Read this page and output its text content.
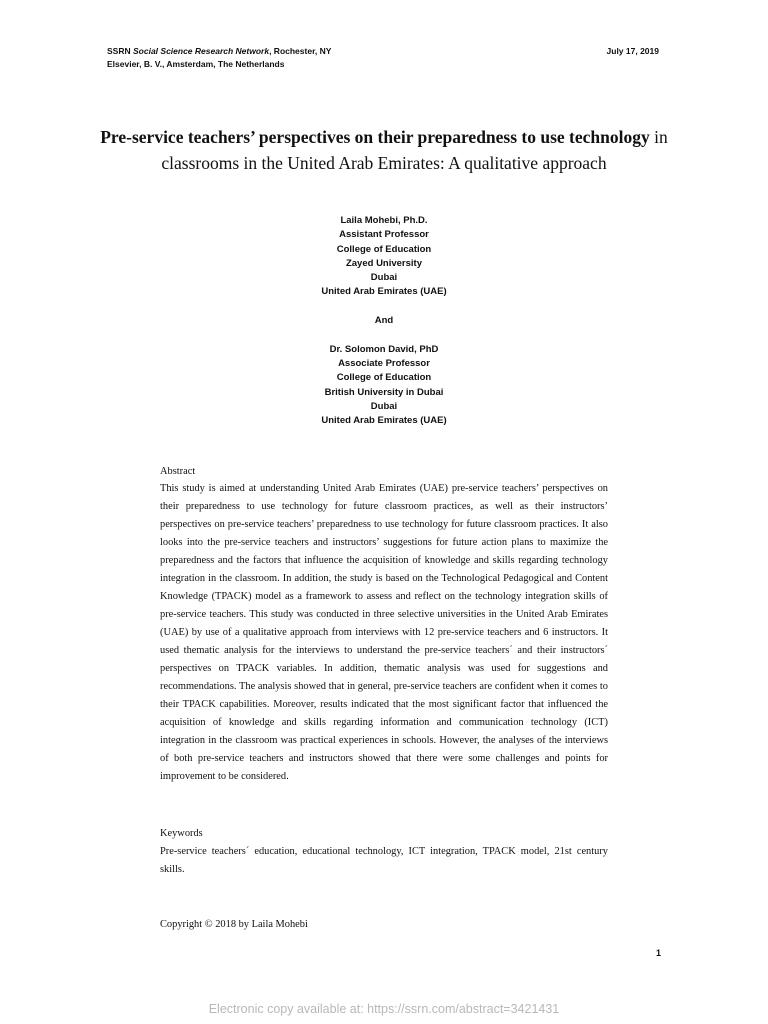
SSRN Social Science Research Network, Rochester, NY
Elsevier, B. V., Amsterdam, The Netherlands
July 17, 2019
Pre-service teachers’ perspectives on their preparedness to use technology in classrooms in the United Arab Emirates: A qualitative approach
Laila Mohebi, Ph.D.
Assistant Professor
College of Education
Zayed University
Dubai
United Arab Emirates (UAE)
And
Dr. Solomon David, PhD
Associate Professor
College of Education
British University in Dubai
Dubai
United Arab Emirates (UAE)
Abstract
This study is aimed at understanding United Arab Emirates (UAE) pre-service teachers’ perspectives on their preparedness to use technology for future classroom practices, as well as their instructors’ perspectives on pre-service teachers’ preparedness to use technology for future classroom practices. It also looks into the pre-service teachers and instructors’ suggestions for future action plans to maximize the preparedness and the factors that influence the acquisition of knowledge and skills regarding technology integration in the classroom. In addition, the study is based on the Technological Pedagogical and Content Knowledge (TPACK) model as a framework to assess and reflect on the technology integration skills of pre-service teachers. This study was conducted in three selective universities in the United Arab Emirates (UAE) by use of a qualitative approach from interviews with 12 pre-service teachers and 6 instructors. It used thematic analysis for the interviews to understand the pre-service teachers´ and their instructors´ perspectives on TPACK variables. In addition, thematic analysis was used for suggestions and recommendations. The analysis showed that in general, pre-service teachers are confident when it comes to their TPACK capabilities. Moreover, results indicated that the most significant factor that influenced the acquisition of knowledge and skills regarding information and communication technology (ICT) integration in the classroom was practical experiences in schools. However, the analyses of the interviews of both pre-service teachers and instructors showed that there were some challenges and points for improvement to be considered.
Keywords
Pre-service teachers´ education, educational technology, ICT integration, TPACK model, 21st century skills.
Copyright © 2018 by Laila Mohebi
1
Electronic copy available at: https://ssrn.com/abstract=3421431
